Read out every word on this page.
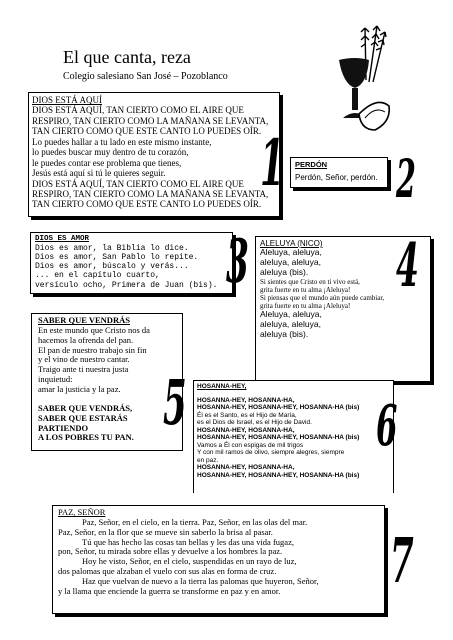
El que canta, reza
Colegio salesiano San José – Pozoblanco
DIOS ESTÁ AQUÍ
DIOS ESTÁ AQUÍ, TAN CIERTO COMO EL AIRE QUE
RESPIRO, TAN CIERTO COMO LA MAÑANA SE LEVANTA,
TAN CIERTO COMO QUE ESTE CANTO LO PUEDES OÍR.
Lo puedes hallar a tu lado en este mismo instante,
lo puedes buscar muy dentro de tu corazón,
le puedes contar ese problema que tienes,
Jesús está aquí si tú le quieres seguir.
DIOS ESTÁ AQUÍ, TAN CIERTO COMO EL AIRE QUE
RESPIRO, TAN CIERTO COMO LA MAÑANA SE LEVANTA,
TAN CIERTO COMO QUE ESTE CANTO LO PUEDES OÍR.
1 PERDÓN
Perdón, Señor, perdón. 2
DIOS ES AMOR
Dios es amor, la Biblia lo dice.
Dios es amor, San Pablo lo repite.
Dios es amor, búscalo y verás...
... en el capítulo cuarto,
versículo ocho, Primera de Juan (bis). 3 ALELUYA (NICO)
Aleluya, aleluya,
aleluya, aleluya,
aleluya (bis).
Si sientes que Cristo en ti vivo está,
grita fuerte en tu alma ¡Aleluya!
Si piensas que el mundo aún puede cambiar,
grita fuerte en tu alma ¡Aleluya!
Aleluya, aleluya,
aleluya, aleluya,
aleluya (bis).
4
SABER QUE VENDRÁS
En este mundo que Cristo nos da
hacemos la ofrenda del pan.
El pan de nuestro trabajo sin fin
y el vino de nuestro cantar.
Traigo ante ti nuestra justa
inquietud:
amar la justicia y la paz.
SABER QUE VENDRÁS,
SABER QUE ESTARÁS
PARTIENDO
A LOS POBRES TU PAN. 5 HOSANNA-HEY,
HOSANNA-HEY, HOSANNA-HA,
HOSANNA-HEY, HOSANNA-HEY, HOSANNA-HA (bis)
Él es el Santo, es el Hijo de María,
es el Dios de Israel, es el Hijo de David.
HOSANNA-HEY, HOSANNA-HA,
HOSANNA-HEY, HOSANNA-HEY, HOSANNA-HA (bis)
Vamos a Él con espigas de mil trigos
Y con mil ramos de olivo, siempre alegres, siempre
en paz.
HOSANNA-HEY, HOSANNA-HA,
HOSANNA-HEY, HOSANNA-HEY, HOSANNA-HA (bis)
6
PAZ, SEÑOR
Paz, Señor, en el cielo, en la tierra. Paz, Señor, en las olas del mar.
Paz, Señor, en la flor que se mueve sin saberlo la brisa al pasar.
Tú que has hecho las cosas tan bellas y les das una vida fugaz,
pon, Señor, tu mirada sobre ellas y devuelve a los hombres la paz.
Hoy he visto, Señor, en el cielo, suspendidas en un rayo de luz,
dos palomas que alzaban el vuelo con sus alas en forma de cruz.
Haz que vuelvan de nuevo a la tierra las palomas que huyeron, Señor,
y la llama que enciende la guerra se transforme en paz y en amor.	7
